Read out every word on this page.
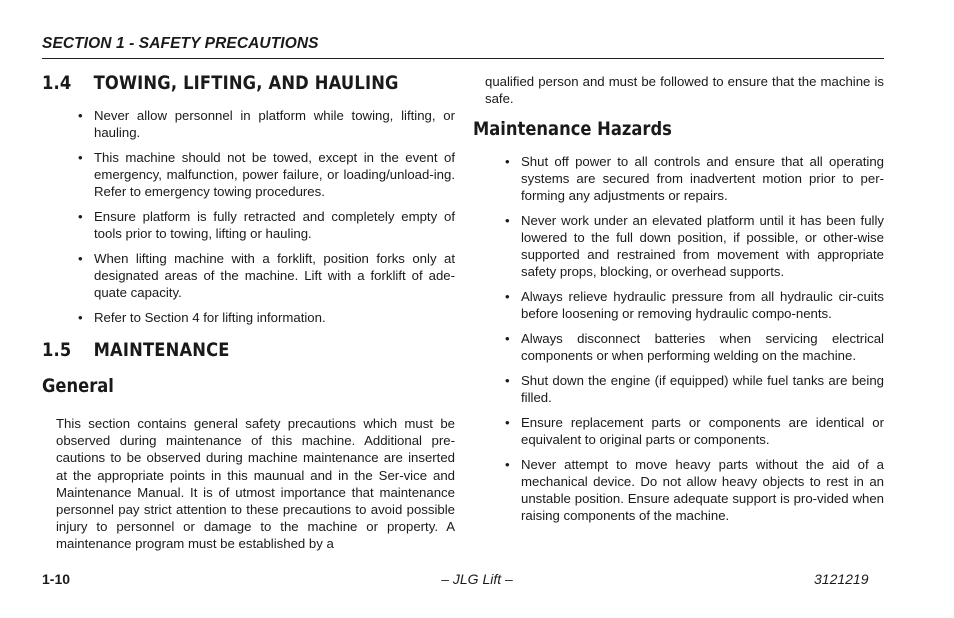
SECTION 1 - SAFETY PRECAUTIONS
1.4 TOWING, LIFTING, AND HAULING
• Never allow personnel in platform while towing, lifting, or hauling.
• This machine should not be towed, except in the event of emergency, malfunction, power failure, or loading/unload-ing. Refer to emergency towing procedures.
• Ensure platform is fully retracted and completely empty of tools prior to towing, lifting or hauling.
• When lifting machine with a forklift, position forks only at designated areas of the machine. Lift with a forklift of ade-quate capacity.
• Refer to Section 4 for lifting information.
1.5 MAINTENANCE
General

This section contains general safety precautions which must be observed during maintenance of this machine. Additional pre-cautions to be observed during machine maintenance are inserted at the appropriate points in this maunual and in the Ser-vice and Maintenance Manual. It is of utmost importance that maintenance personnel pay strict attention to these precautions to avoid possible injury to personnel or damage to the machine or property. A maintenance program must be established by a

qualified person and must be followed to ensure that the machine is safe.

Maintenance Hazards
• Shut off power to all controls and ensure that all operating systems are secured from inadvertent motion prior to per-forming any adjustments or repairs.
• Never work under an elevated platform until it has been fully lowered to the full down position, if possible, or other-wise supported and restrained from movement with appropriate safety props, blocking, or overhead supports.
• Always relieve hydraulic pressure from all hydraulic cir-cuits before loosening or removing hydraulic compo-nents.
• Always disconnect batteries when servicing electrical components or when performing welding on the machine.
• Shut down the engine (if equipped) while fuel tanks are being filled.
• Ensure replacement parts or components are identical or equivalent to original parts or components.
• Never attempt to move heavy parts without the aid of a mechanical device. Do not allow heavy objects to rest in an unstable position. Ensure adequate support is pro-vided when raising components of the machine.
1-10	– JLG Lift –	3121219
